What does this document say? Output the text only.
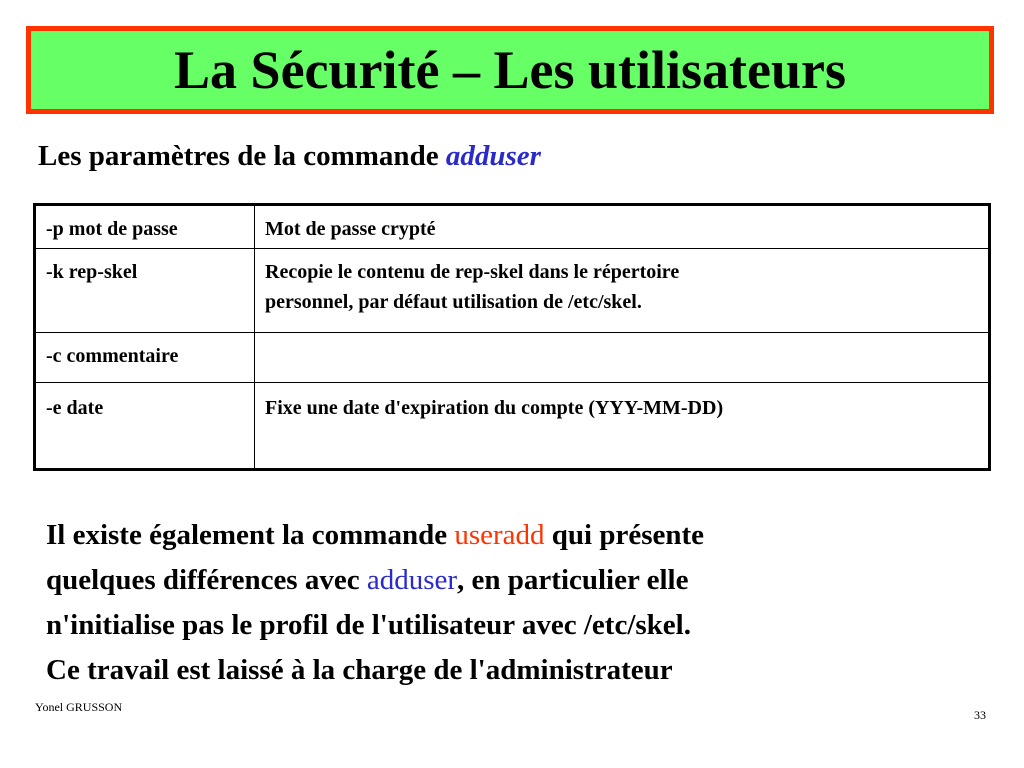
La Sécurité – Les utilisateurs
Les paramètres de la commande adduser
-p mot de passe	Mot de passe crypté
-k rep-skel	Recopie le contenu de rep-skel dans le répertoire
personnel, par défaut utilisation de /etc/skel.
-c commentaire	
-e date	Fixe une date d'expiration du compte (YYY-MM-DD)
Il existe également la commande useradd qui présente
quelques différences avec adduser, en particulier elle
n'initialise pas le profil de l'utilisateur avec /etc/skel.
Ce travail est laissé à la charge de l'administrateur
Yonel GRUSSON
33
